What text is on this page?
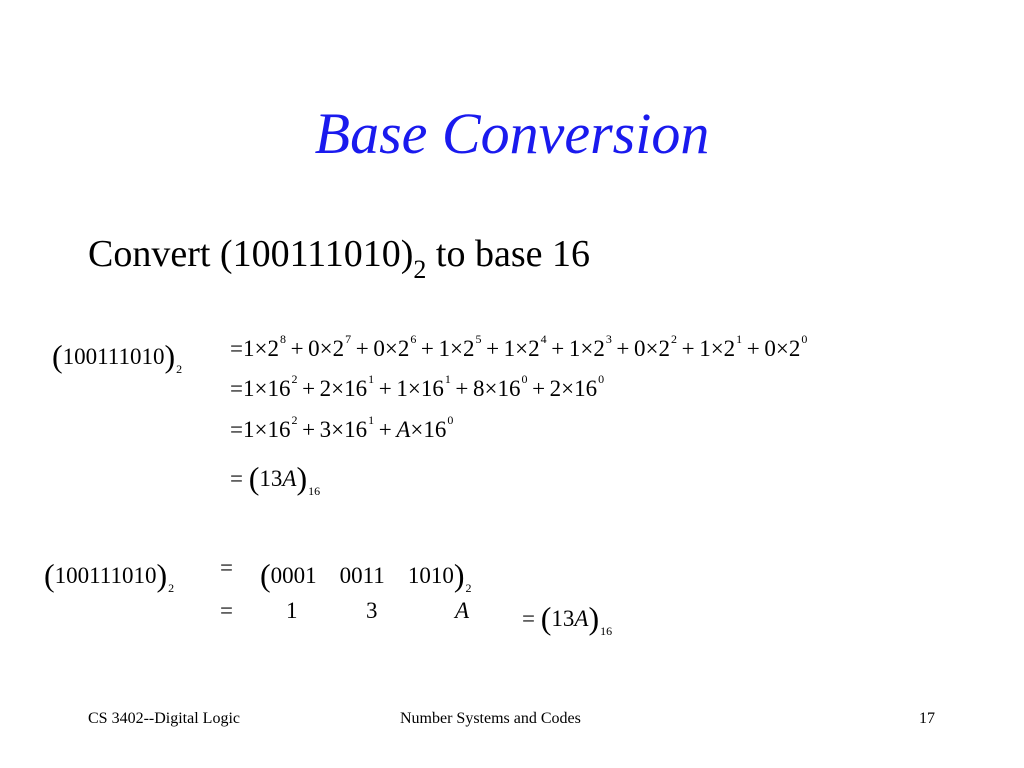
Base Conversion
Convert $(100111010)_2$ to base 16
$(100111010)_2$
$=1\times 2^8 + 0\times 2^7 + 0\times 2^6 + 1\times 2^5 + 1\times 2^4 + 1\times 2^3 + 0\times 2^2 + 1\times 2^1 + 0\times 2^0$
$=1\times 16^2 + 2\times 16^1 + 1\times 16^1 + 8\times 16^0 + 2\times 16^0$
$=1\times 16^2 + 3\times 16^1 + A\times 16^0$
= $(13A)_{16}$
$(100111010)_2$
= (0001 0011 $1010)_2$
= 1	3	$A = (13A)_{16}$
CS 3402--Digital Logic	Number Systems and Codes	17
